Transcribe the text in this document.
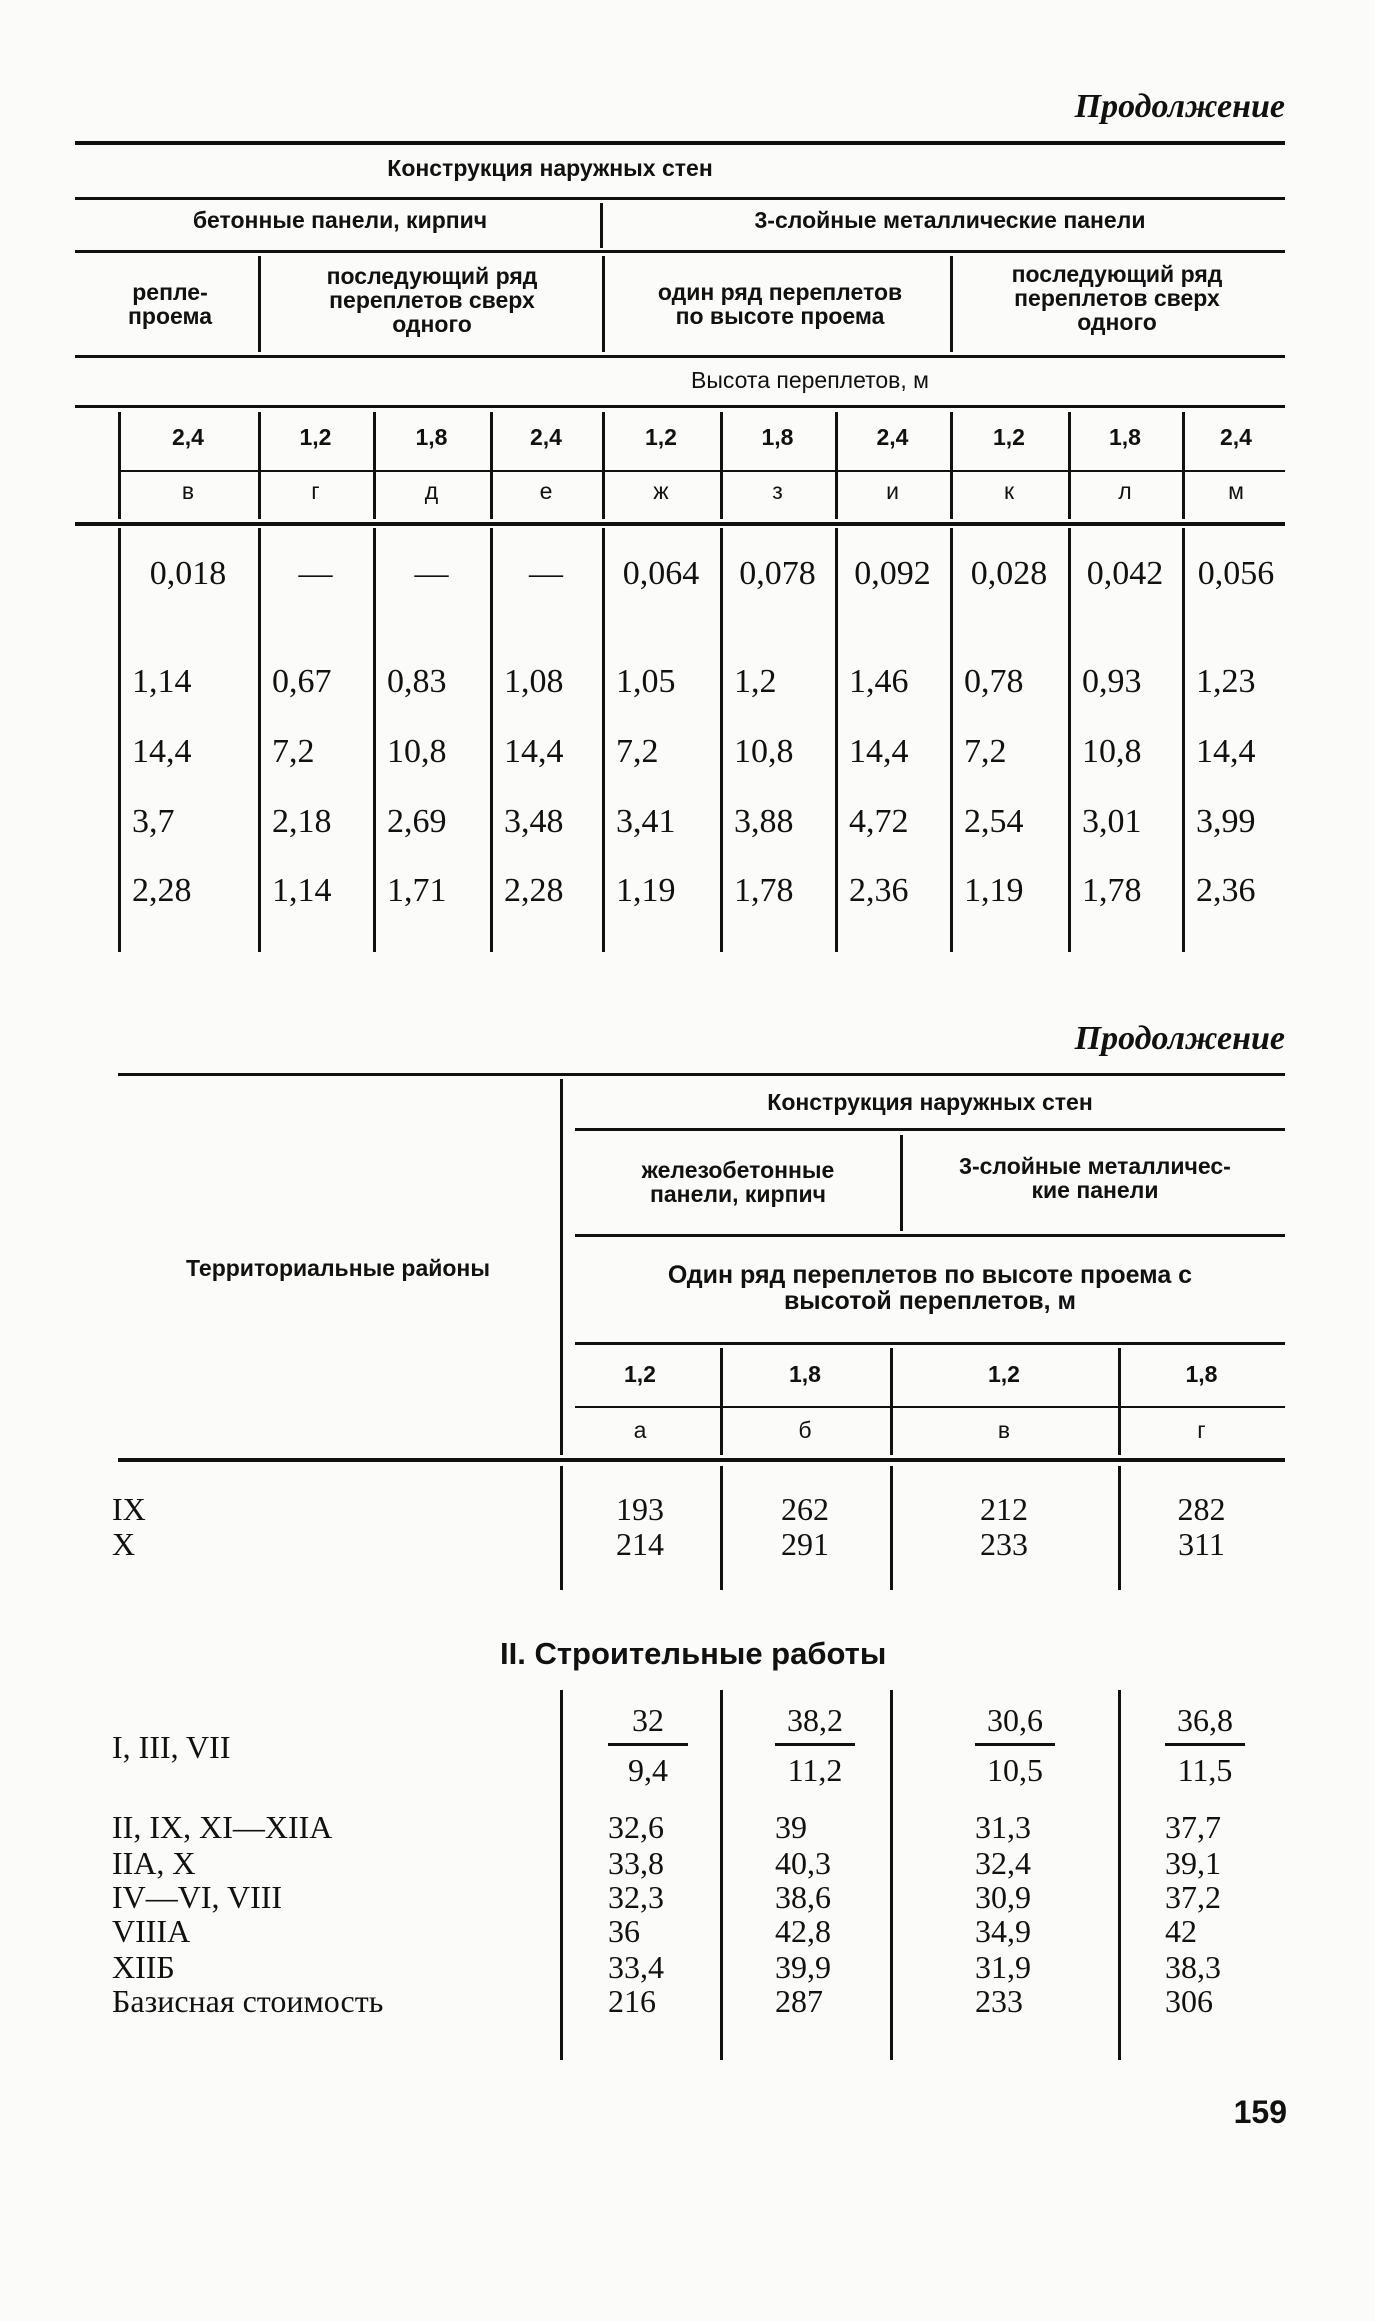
Продолжение
Конструкция наружных стен
бетонные панели, кирпич	3-слойные металлические панели
репле-
проема
последующий ряд
переплетов сверх
одного
один ряд переплетов
по высоте проема
последующий ряд
переплетов сверх
одного
Высота переплетов, м
2,4	1,2	1,8	2,4	1,2	1,8	2,4	1,2	1,8	2,4
в	г	д	е	ж	з	и	к	л	м
0,018	—	—	—	0,064	0,078	0,092	0,028	0,042	0,056
1,14 0,67 0,83 1,08 1,05 1,2 1,46 0,78 0,93 1,23
14,4 7,2 10,8 14,4 7,2 10,8 14,4 7,2 10,8 14,4
3,7	2,18 2,69 3,48 3,41 3,88 4,72 2,54 3,01 3,99
2,28 1,14 1,71 2,28 1,19 1,78 2,36 1,19 1,78 2,36
Продолжение
Территориальные районы
Конструкция наружных стен
железобетонные
панели, кирпич
3-слойные металличес-
кие панели
Один ряд переплетов по высоте проема с
высотой переплетов, м
1,2	1,8	1,2	1,8
а	б	в	г
IX	193	262	212	282
X	214	291	233	311
I, III, VII	$\frac{32}{9,4}$	$\frac{38,2}{11,2}$	$\frac{30,6}{10,5}$	$\frac{36,8}{11,5}$
II, IX, XI—XIIА	32,6	39	31,3	37,7
IIА, X	33,8	40,3	32,4	39,1
IV—VI, VIII	32,3	38,6	30,9	37,2
VIIIА	36	42,8	34,9	42
XIIБ	33,4	39,9	31,9	38,3
Базисная стоимость	216	287	233	306
II. Строительные работы
159
